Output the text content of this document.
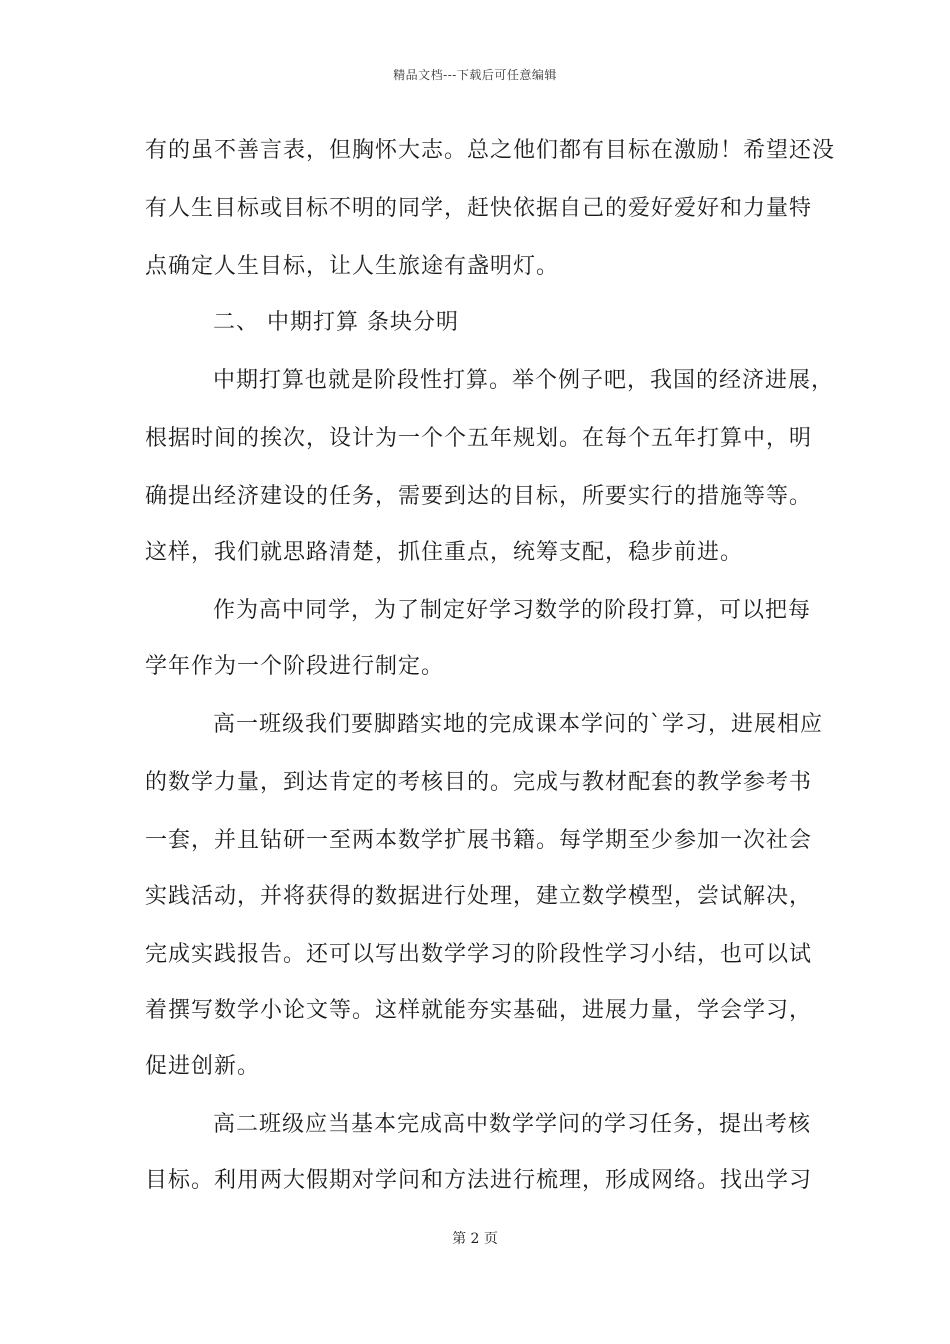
精品文档---下载后可任意编辑
有的虽不善言表，但胸怀大志。总之他们都有目标在激励！希望还没
有人生目标或目标不明的同学，赶快依据自己的爱好爱好和力量特
点确定人生目标，让人生旅途有盏明灯。
二、 中期打算 条块分明
中期打算也就是阶段性打算。举个例子吧，我国的经济进展，
根据时间的挨次，设计为一个个五年规划。在每个五年打算中，明
确提出经济建设的任务，需要到达的目标，所要实行的措施等等。
这样，我们就思路清楚，抓住重点，统筹支配，稳步前进。
作为高中同学，为了制定好学习数学的阶段打算，可以把每
学年作为一个阶段进行制定。
高一班级我们要脚踏实地的完成课本学问的`学习，进展相应
的数学力量，到达肯定的考核目的。完成与教材配套的教学参考书
一套，并且钻研一至两本数学扩展书籍。每学期至少参加一次社会
实践活动，并将获得的数据进行处理，建立数学模型，尝试解决，
完成实践报告。还可以写出数学学习的阶段性学习小结，也可以试
着撰写数学小论文等。这样就能夯实基础，进展力量，学会学习，
促进创新。
高二班级应当基本完成高中数学学问的学习任务，提出考核
目标。利用两大假期对学问和方法进行梳理，形成网络。找出学习
第 2 页
